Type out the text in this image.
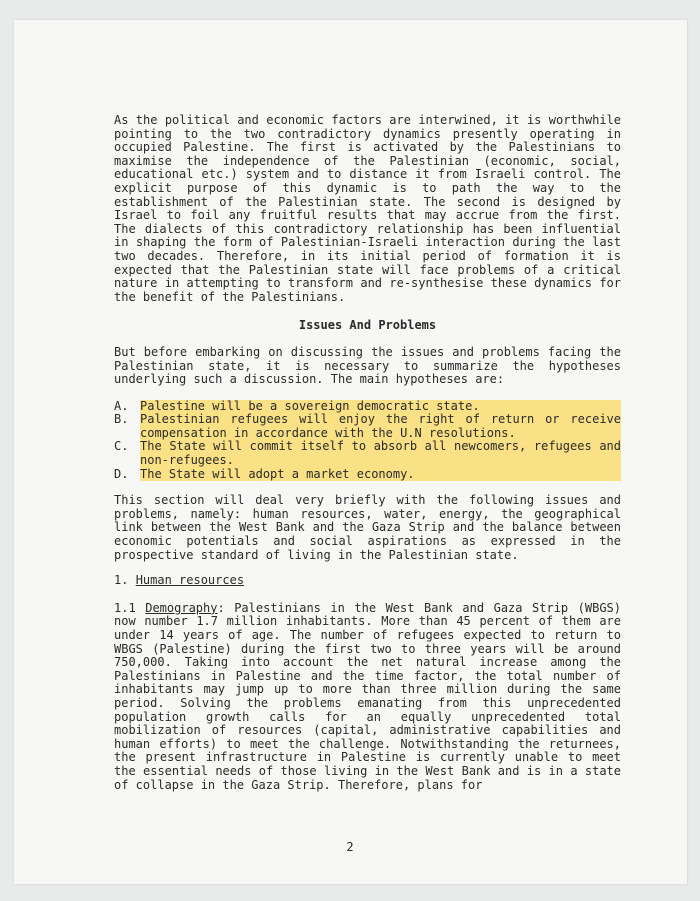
As the political and economic factors are interwined, it is worthwhile pointing to the two contradictory dynamics presently operating in occupied Palestine. The first is activated by the Palestinians to maximise the independence of the Palestinian (economic, social, educational etc.) system and to distance it from Israeli control. The explicit purpose of this dynamic is to path the way to the establishment of the Palestinian state. The second is designed by Israel to foil any fruitful results that may accrue from the first. The dialects of this contradictory relationship has been influential in shaping the form of Palestinian-Israeli interaction during the last two decades. Therefore, in its initial period of formation it is expected that the Palestinian state will face problems of a critical nature in attempting to transform and re-synthesise these dynamics for the benefit of the Palestinians.

Issues And Problems

But before embarking on discussing the issues and problems facing the Palestinian state, it is necessary to summarize the hypotheses underlying such a discussion. The main hypotheses are:

A. Palestine will be a sovereign democratic state.
B. Palestinian refugees will enjoy the right of return or receive compensation in accordance with the U.N resolutions.
C. The State will commit itself to absorb all newcomers, refugees and non-refugees.
D. The State will adopt a market economy.

This section will deal very briefly with the following issues and problems, namely: human resources, water, energy, the geographical link between the West Bank and the Gaza Strip and the balance between economic potentials and social aspirations as expressed in the prospective standard of living in the Palestinian state.

1. Human resources

1.1 Demography: Palestinians in the West Bank and Gaza Strip (WBGS) now number 1.7 million inhabitants. More than 45 percent of them are under 14 years of age. The number of refugees expected to return to WBGS (Palestine) during the first two to three years will be around 750,000. Taking into account the net natural increase among the Palestinians in Palestine and the time factor, the total number of inhabitants may jump up to more than three million during the same period. Solving the problems emanating from this unprecedented population growth calls for an equally unprecedented total mobilization of resources (capital, administrative capabilities and human efforts) to meet the challenge. Notwithstanding the returnees, the present infrastructure in Palestine is currently unable to meet the essential needs of those living in the West Bank and is in a state of collapse in the Gaza Strip. Therefore, plans for

2
